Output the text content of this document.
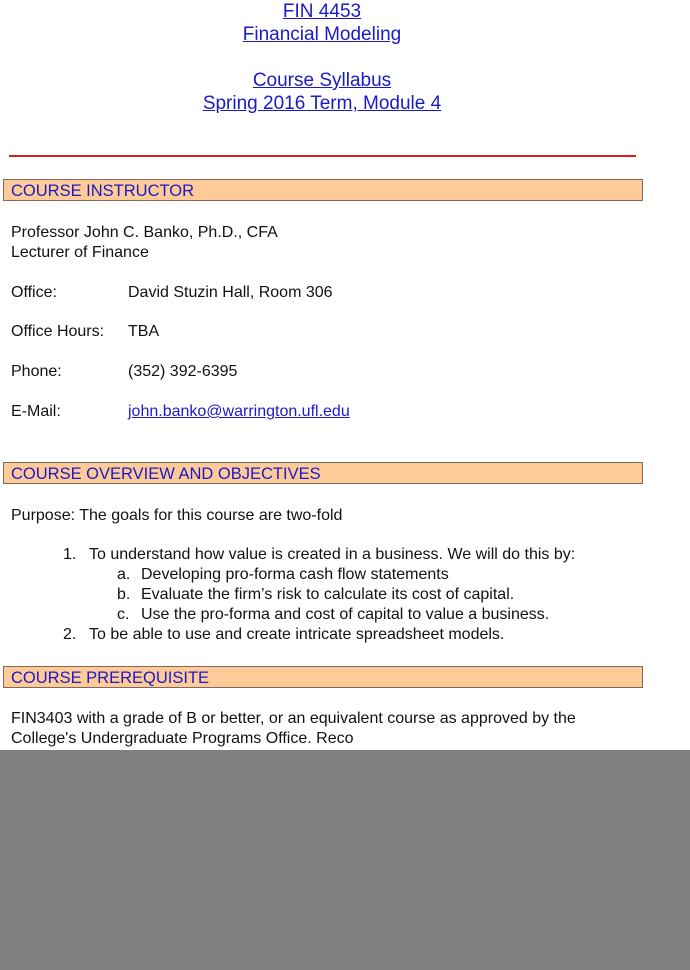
FIN 4453
Financial Modeling
Course Syllabus
Spring 2016 Term, Module 4
COURSE INSTRUCTOR
Professor John C. Banko, Ph.D., CFA
Lecturer of Finance
Office:	David Stuzin Hall, Room 306
Office Hours: TBA
Phone:	(352) 392-6395
E-Mail:	john.banko@warrington.ufl.edu
COURSE OVERVIEW AND OBJECTIVES
Purpose: The goals for this course are two-fold
1. To understand how value is created in a business. We will do this by:
a. Developing pro-forma cash flow statements
b. Evaluate the firm’s risk to calculate its cost of capital.
c. Use the pro-forma and cost of capital to value a business.
2. To be able to use and create intricate spreadsheet models.
COURSE PREREQUISITE
FIN3403 with a grade of B or better, or an equivalent course as approved by the
College's Undergraduate Programs Office. Reco
